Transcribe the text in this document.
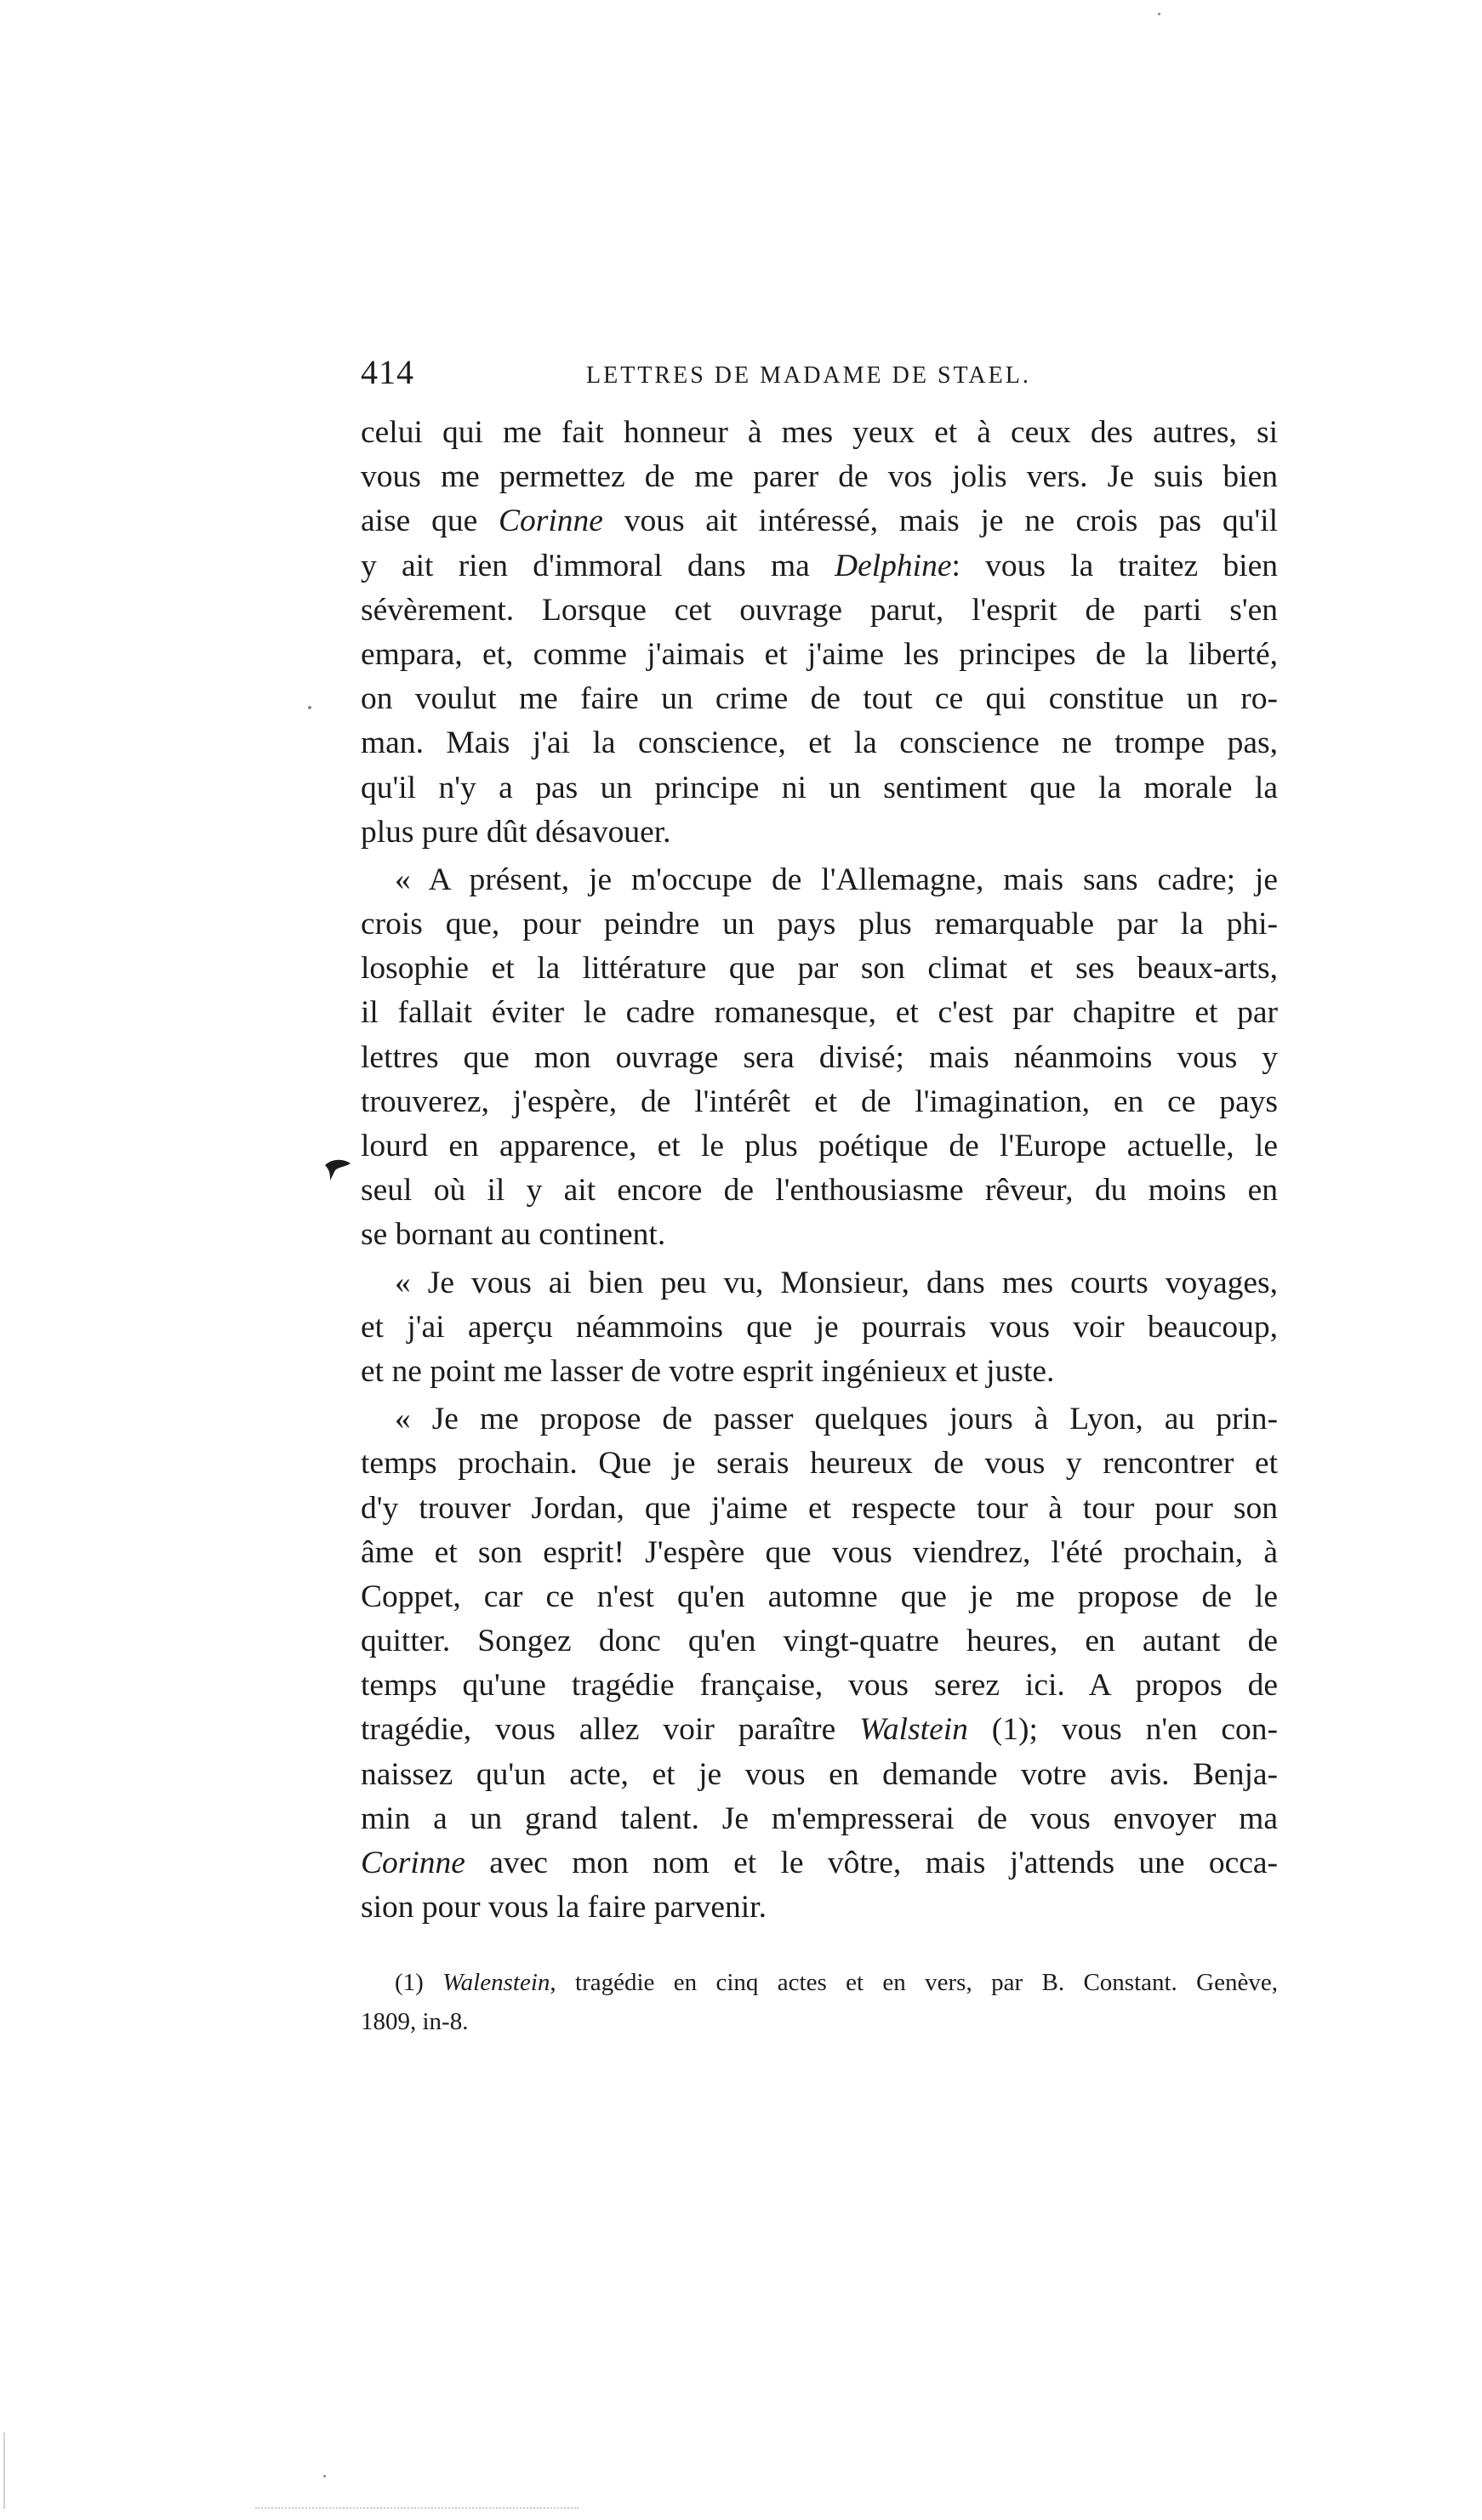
414	LETTRES DE MADAME DE STAEL.
celui qui me fait honneur à mes yeux et à ceux des autres, si
vous me permettez de me parer de vos jolis vers. Je suis bien
aise que Corinne vous ait intéressé, mais je ne crois pas qu'il
y ait rien d'immoral dans ma Delphine: vous la traitez bien
sévèrement. Lorsque cet ouvrage parut, l'esprit de parti s'en
empara, et, comme j'aimais et j'aime les principes de la liberté,
on voulut me faire un crime de tout ce qui constitue un ro-
man. Mais j'ai la conscience, et la conscience ne trompe pas,
qu'il n'y a pas un principe ni un sentiment que la morale la
plus pure dût désavouer.
« A présent, je m'occupe de l'Allemagne, mais sans cadre; je
crois que, pour peindre un pays plus remarquable par la phi-
losophie et la littérature que par son climat et ses beaux-arts,
il fallait éviter le cadre romanesque, et c'est par chapitre et par
lettres que mon ouvrage sera divisé; mais néanmoins vous y
trouverez, j'espère, de l'intérêt et de l'imagination, en ce pays
lourd en apparence, et le plus poétique de l'Europe actuelle, le
seul où il y ait encore de l'enthousiasme rêveur, du moins en
se bornant au continent.
« Je vous ai bien peu vu, Monsieur, dans mes courts voyages,
et j'ai aperçu néammoins que je pourrais vous voir beaucoup,
et ne point me lasser de votre esprit ingénieux et juste.
« Je me propose de passer quelques jours à Lyon, au prin-
temps prochain. Que je serais heureux de vous y rencontrer et
d'y trouver Jordan, que j'aime et respecte tour à tour pour son
âme et son esprit! J'espère que vous viendrez, l'été prochain, à
Coppet, car ce n'est qu'en automne que je me propose de le
quitter. Songez donc qu'en vingt-quatre heures, en autant de
temps qu'une tragédie française, vous serez ici. A propos de
tragédie, vous allez voir paraître Walstein (1); vous n'en con-
naissez qu'un acte, et je vous en demande votre avis. Benja-
min a un grand talent. Je m'empresserai de vous envoyer ma
Corinne avec mon nom et le vôtre, mais j'attends une occa-
sion pour vous la faire parvenir.
(1) Walenstein, tragédie en cinq actes et en vers, par B. Constant. Genève,
1809, in-8.
